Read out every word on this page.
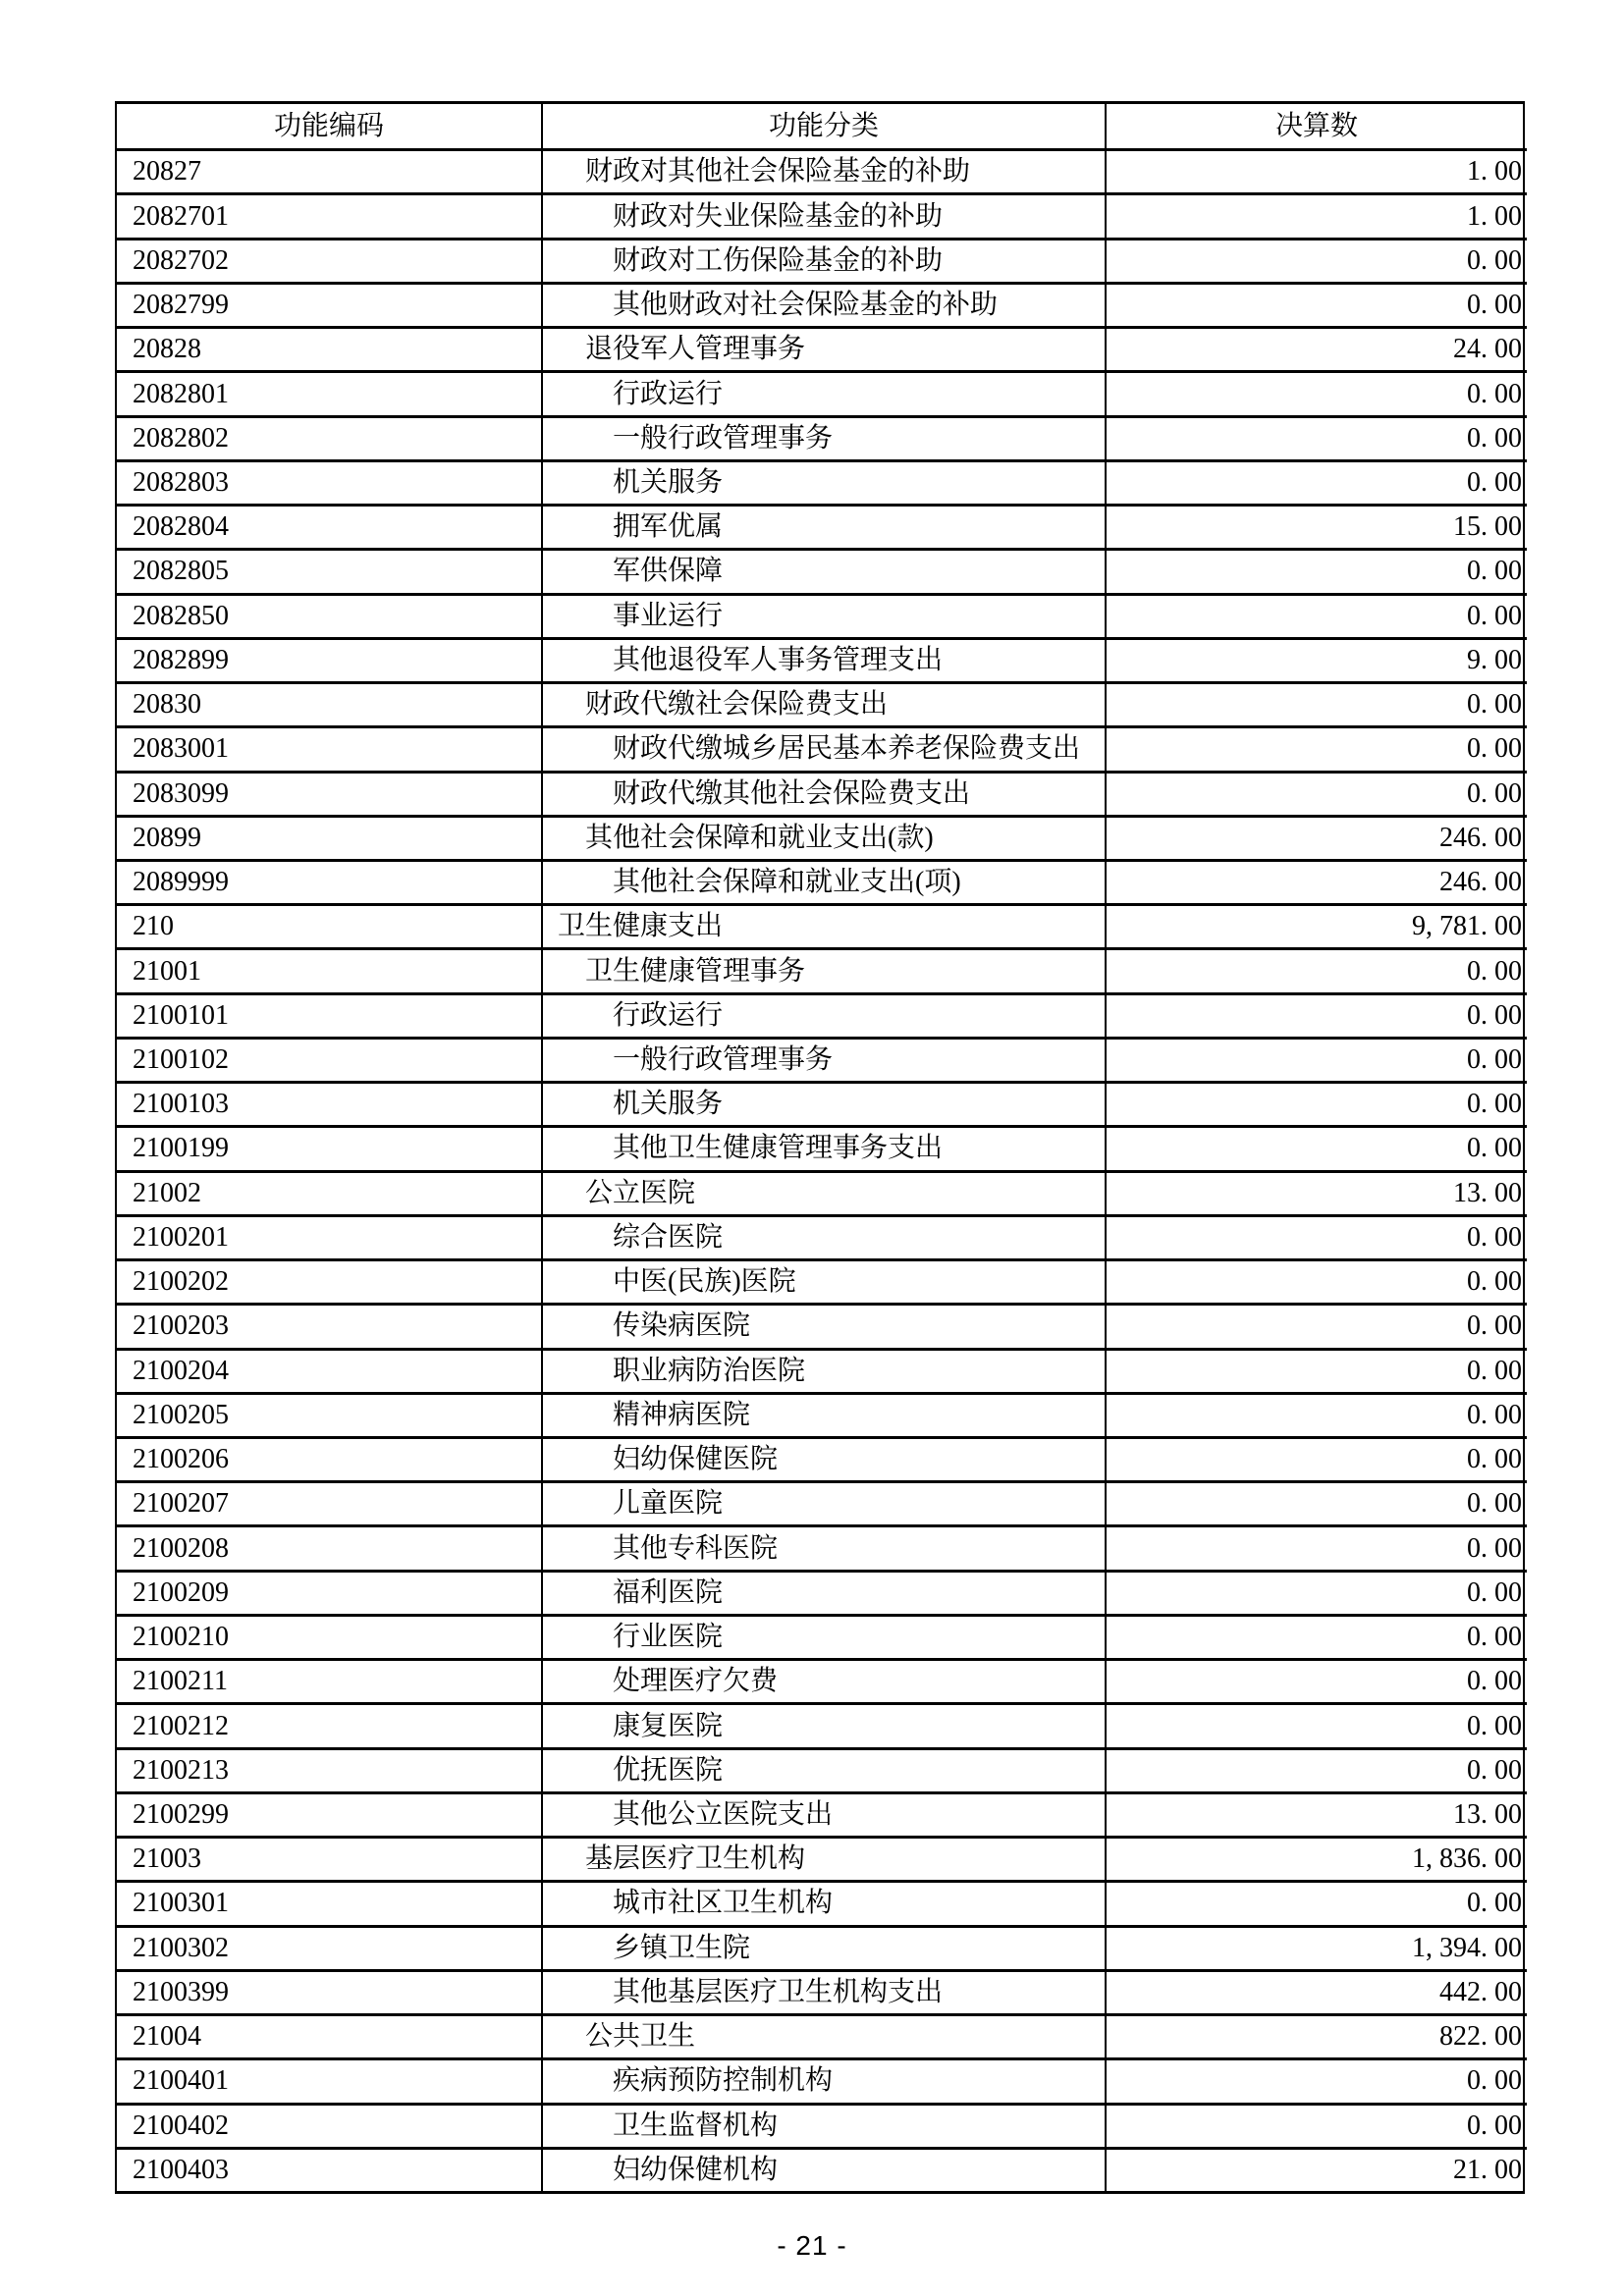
功能编码	功能分类	决算数
20827	财政对其他社会保险基金的补助	1. 00
2082701	财政对失业保险基金的补助	1. 00
2082702	财政对工伤保险基金的补助	0. 00
2082799	其他财政对社会保险基金的补助	0. 00
20828	退役军人管理事务	24. 00
2082801	行政运行	0. 00
2082802	一般行政管理事务	0. 00
2082803	机关服务	0. 00
2082804	拥军优属	15. 00
2082805	军供保障	0. 00
2082850	事业运行	0. 00
2082899	其他退役军人事务管理支出	9. 00
20830	财政代缴社会保险费支出	0. 00
2083001	财政代缴城乡居民基本养老保险费支出	0. 00
2083099	财政代缴其他社会保险费支出	0. 00
20899	其他社会保障和就业支出(款)	246. 00
2089999	其他社会保障和就业支出(项)	246. 00
210	卫生健康支出	9, 781. 00
21001	卫生健康管理事务	0. 00
2100101	行政运行	0. 00
2100102	一般行政管理事务	0. 00
2100103	机关服务	0. 00
2100199	其他卫生健康管理事务支出	0. 00
21002	公立医院	13. 00
2100201	综合医院	0. 00
2100202	中医(民族)医院	0. 00
2100203	传染病医院	0. 00
2100204	职业病防治医院	0. 00
2100205	精神病医院	0. 00
2100206	妇幼保健医院	0. 00
2100207	儿童医院	0. 00
2100208	其他专科医院	0. 00
2100209	福利医院	0. 00
2100210	行业医院	0. 00
2100211	处理医疗欠费	0. 00
2100212	康复医院	0. 00
2100213	优抚医院	0. 00
2100299	其他公立医院支出	13. 00
21003	基层医疗卫生机构	1, 836. 00
2100301	城市社区卫生机构	0. 00
2100302	乡镇卫生院	1, 394. 00
2100399	其他基层医疗卫生机构支出	442. 00
21004	公共卫生	822. 00
2100401	疾病预防控制机构	0. 00
2100402	卫生监督机构	0. 00
2100403	妇幼保健机构	21. 00
- 21 -
